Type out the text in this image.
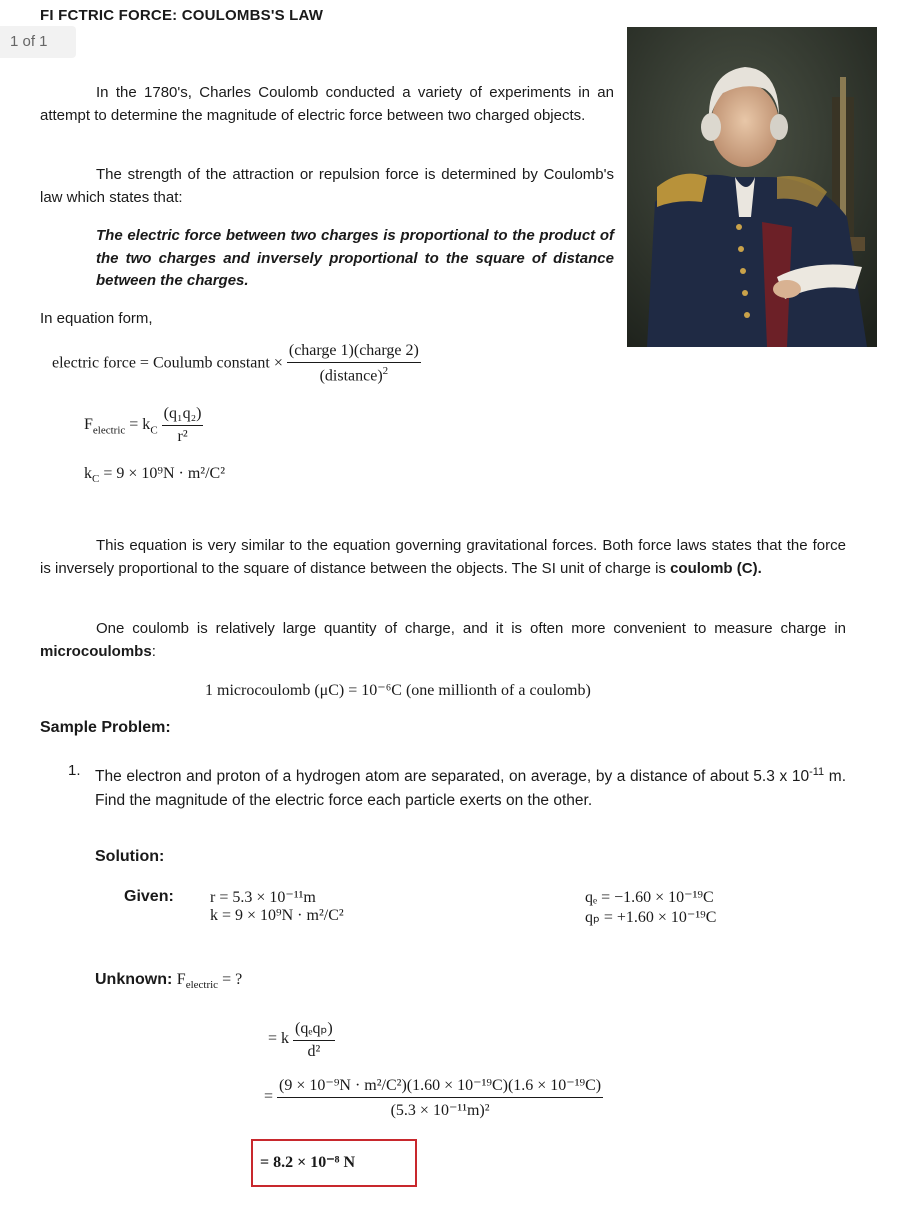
FI FCTRIC FORCE: COULOMBS'S LAW
1 of 1

In the 1780's, Charles Coulomb conducted a variety of experiments in an attempt to determine the magnitude of electric force between two charged objects.

The strength of the attraction or repulsion force is determined by Coulomb's law which states that:

The electric force between two charges is proportional to the product of the two charges and inversely proportional to the square of distance between the charges.

In equation form,

electric force = Coulumb constant × $\frac{\text{(charge 1)(charge 2)}}{(distance)^2}$
$F_{electric} = k_C \frac{\text{(q₁q₂)}}{\text{r²}}$
$k_C = 9 \times 10^9N \cdot m^2/C^2$

This equation is very similar to the equation governing gravitational forces. Both force laws states that the force is inversely proportional to the square of distance between the objects. The SI unit of charge is coulomb (C).

One coulomb is relatively large quantity of charge, and it is often more convenient to measure charge in microcoulombs:

1 microcoulomb (μC) = 10⁻⁶C (one millionth of a coulomb)
Sample Problem:
1. The electron and proton of a hydrogen atom are separated, on average, by a distance of about 5.3 x $10^{-11}$ m. Find the magnitude of the electric force each particle exerts on the other.

Solution:
Given: r = 5.3 × 10⁻¹¹m
k = 9 × 10⁹N · m²/C²
qₑ = −1.60 × 10⁻¹⁹C
qₚ = +1.60 × 10⁻¹⁹C
Unknown: $F_{electric}$ = ?
= k $\frac{\text{(qₑqₚ)}}{\text{d²}}$
= $\frac{\text{(9 × 10⁻⁹N · m²/C²)(1.60 × 10⁻¹⁹C)(1.6 × 10⁻¹⁹C)}}{\text{(5.3 × 10⁻¹¹m)²}}$
= 8.2 × 10⁻⁸ N
